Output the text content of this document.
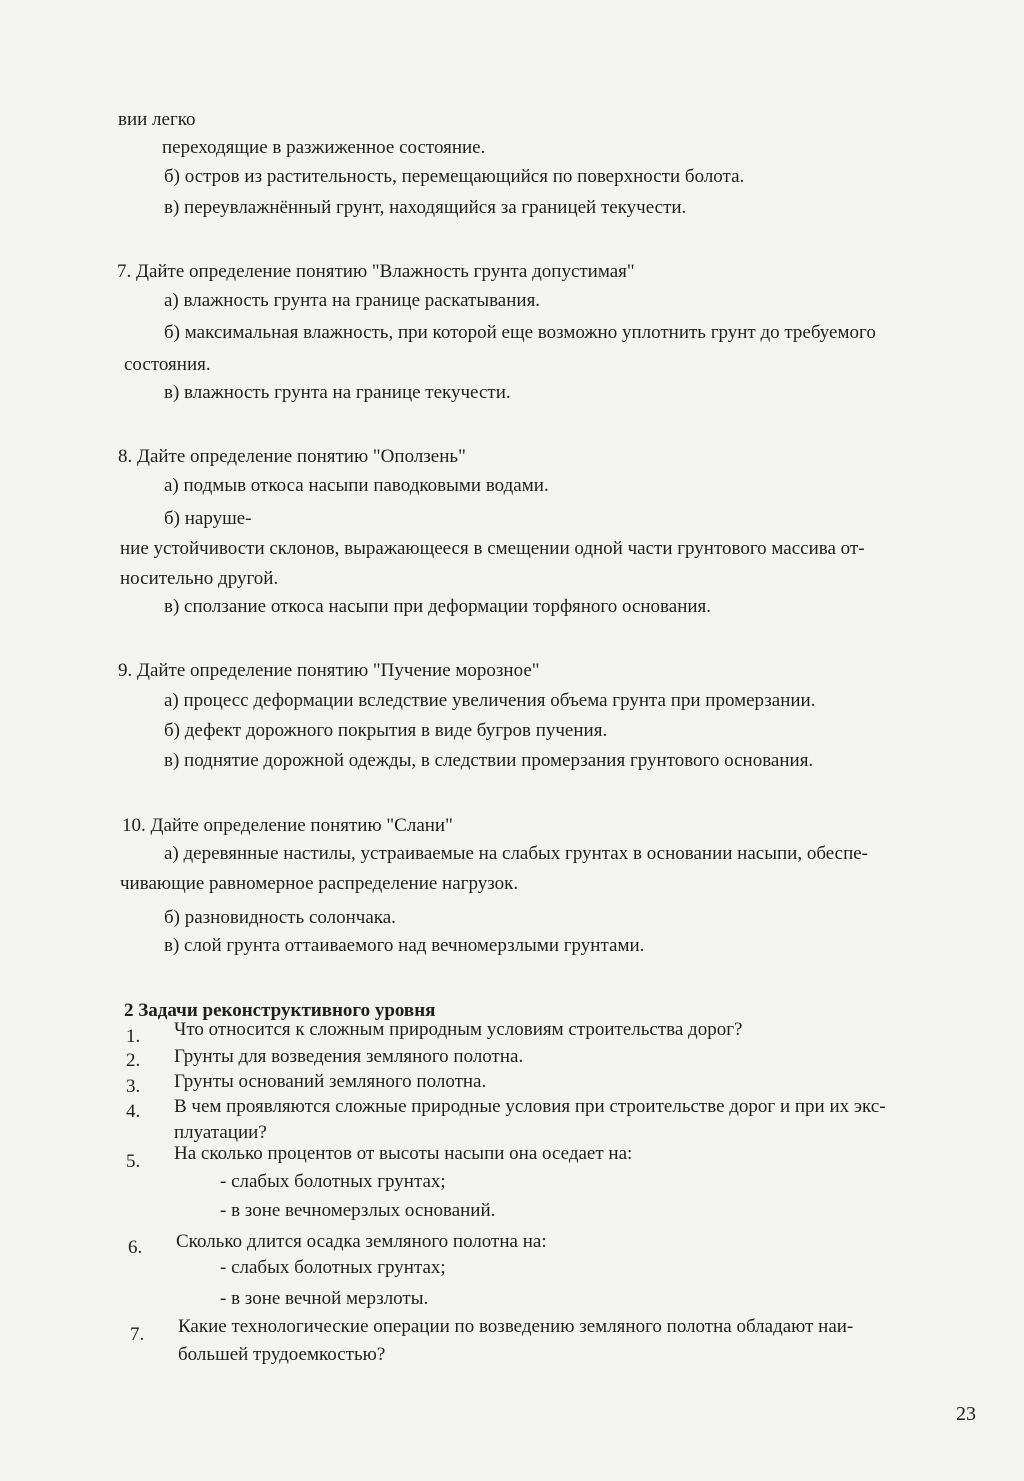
вии легко
переходящие в разжиженное состояние.
б) остров из растительность, перемещающийся по поверхности болота.
в) переувлажнённый грунт, находящийся за границей текучести.
7. Дайте определение понятию "Влажность грунта допустимая"
а) влажность грунта на границе раскатывания.
б) максимальная влажность, при которой еще возможно уплотнить грунт до требуемого
состояния.
в) влажность грунта на границе текучести.
8. Дайте определение понятию "Оползень"
а) подмыв откоса насыпи паводковыми водами.
б) наруше-
ние устойчивости склонов, выражающееся в смещении одной части грунтового массива от-
носительно другой.
в) сползание откоса насыпи при деформации торфяного основания.
9. Дайте определение понятию "Пучение морозное"
а) процесс деформации вследствие увеличения объема грунта при промерзании.
б) дефект дорожного покрытия в виде бугров пучения.
в) поднятие дорожной одежды, в следствии промерзания грунтового основания.
10. Дайте определение понятию "Слани"
а) деревянные настилы, устраиваемые на слабых грунтах в основании насыпи, обеспе-
чивающие равномерное распределение нагрузок.
б) разновидность солончака.
в) слой грунта оттаиваемого над вечномерзлыми грунтами.
2 Задачи реконструктивного уровня
1. Что относится к сложным природным условиям строительства дорог?
2. Грунты для возведения земляного полотна.
3. Грунты оснований земляного полотна.
4. В чем проявляются сложные природные условия при строительстве дорог и при их экс-
плуатации?
5. На сколько процентов от высоты насыпи она оседает на:
- слабых болотных грунтах;
- в зоне вечномерзлых оснований.
6. Сколько длится осадка земляного полотна на:
- слабых болотных грунтах;
- в зоне вечной мерзлоты.
7. Какие технологические операции по возведению земляного полотна обладают наи-
большей трудоемкостью?
23
